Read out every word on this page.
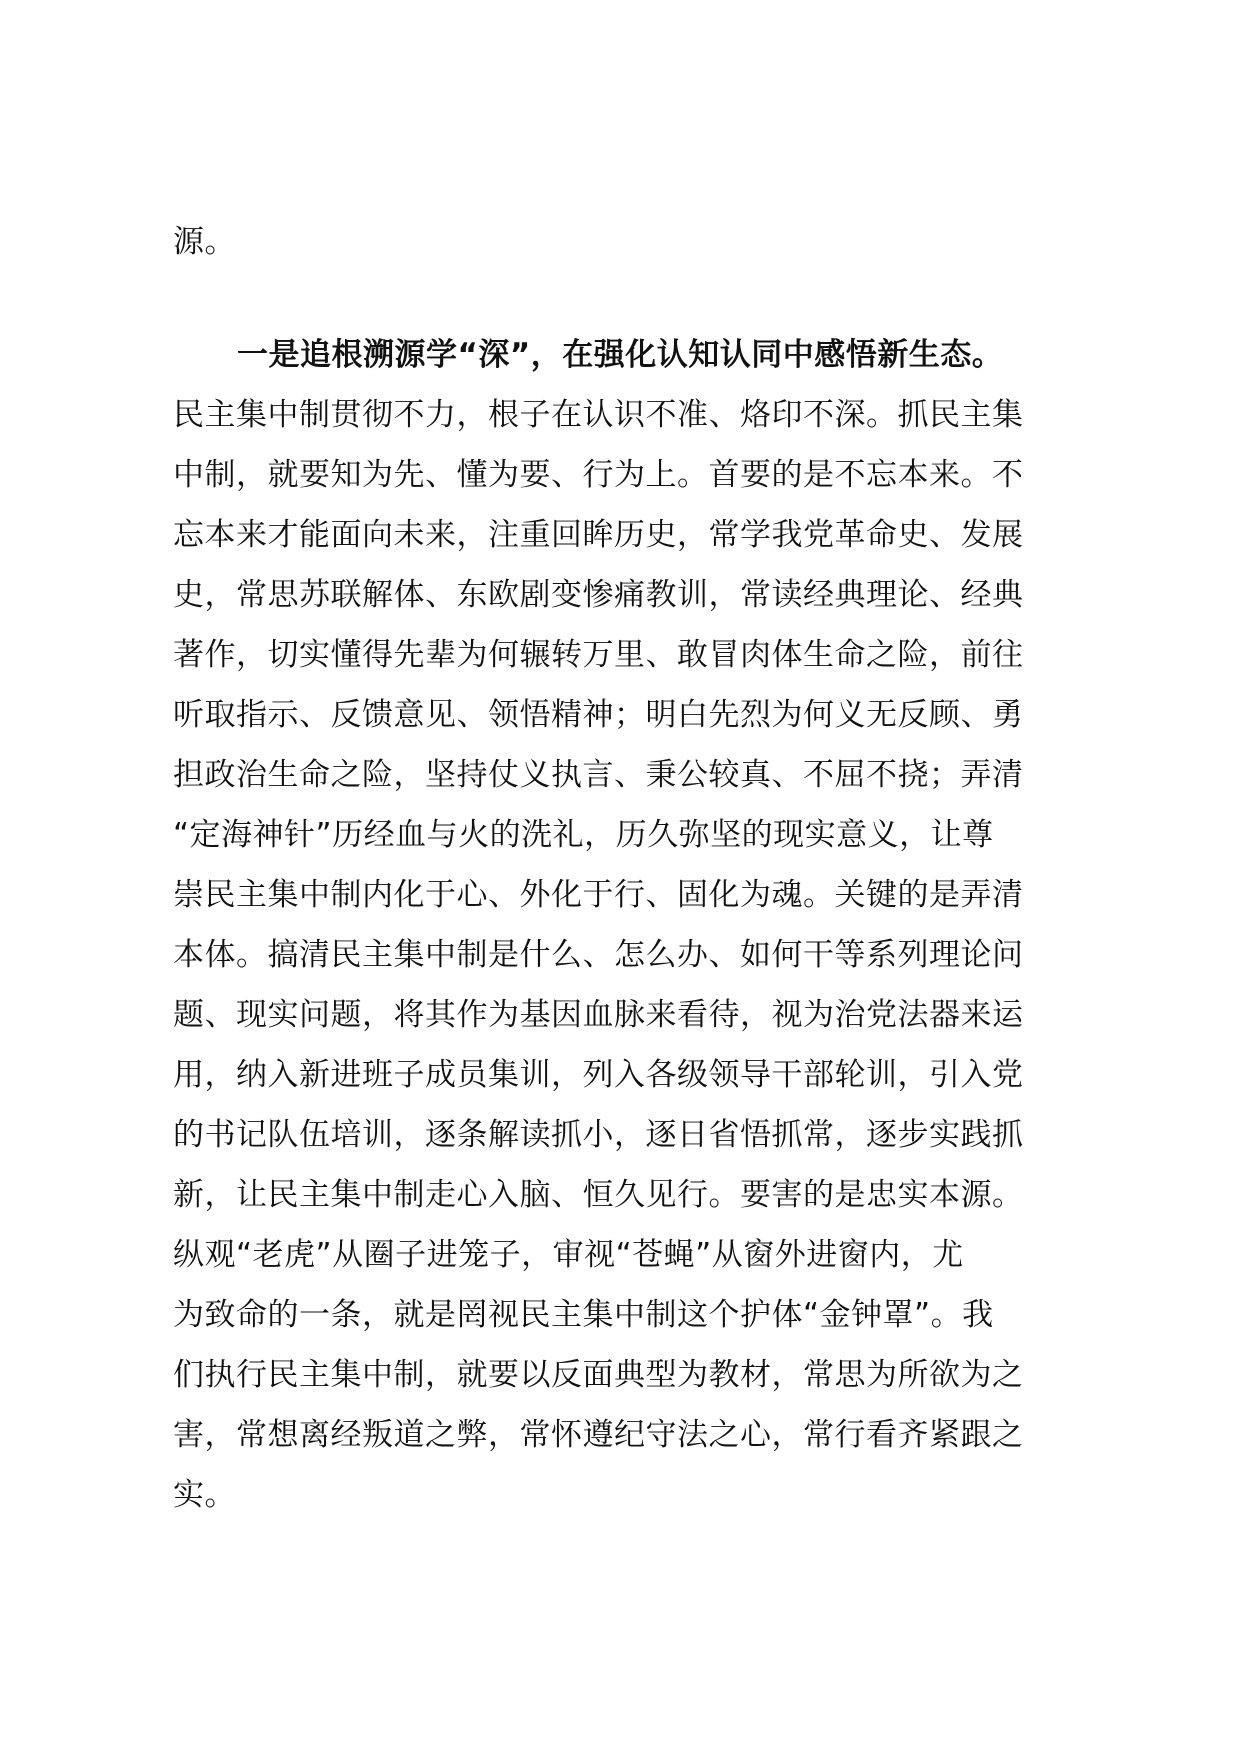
源。
一是追根溯源学“深”，在强化认知认同中感悟新生态。
民主集中制贯彻不力，根子在认识不准、烙印不深。抓民主集
中制，就要知为先、懂为要、行为上。首要的是不忘本来。不
忘本来才能面向未来，注重回眸历史，常学我党革命史、发展
史，常思苏联解体、东欧剧变惨痛教训，常读经典理论、经典
著作，切实懂得先辈为何辗转万里、敢冒肉体生命之险，前往
听取指示、反馈意见、领悟精神；明白先烈为何义无反顾、勇
担政治生命之险，坚持仗义执言、秉公较真、不屈不挠；弄清
“定海神针”历经血与火的洗礼，历久弥坚的现实意义，让尊
崇民主集中制内化于心、外化于行、固化为魂。关键的是弄清
本体。搞清民主集中制是什么、怎么办、如何干等系列理论问
题、现实问题，将其作为基因血脉来看待，视为治党法器来运
用，纳入新进班子成员集训，列入各级领导干部轮训，引入党
的书记队伍培训，逐条解读抓小，逐日省悟抓常，逐步实践抓
新，让民主集中制走心入脑、恒久见行。要害的是忠实本源。
纵观“老虎”从圈子进笼子，审视“苍蝇”从窗外进窗内，尤
为致命的一条，就是罔视民主集中制这个护体“金钟罩”。我
们执行民主集中制，就要以反面典型为教材，常思为所欲为之
害，常想离经叛道之弊，常怀遵纪守法之心，常行看齐紧跟之
实。
